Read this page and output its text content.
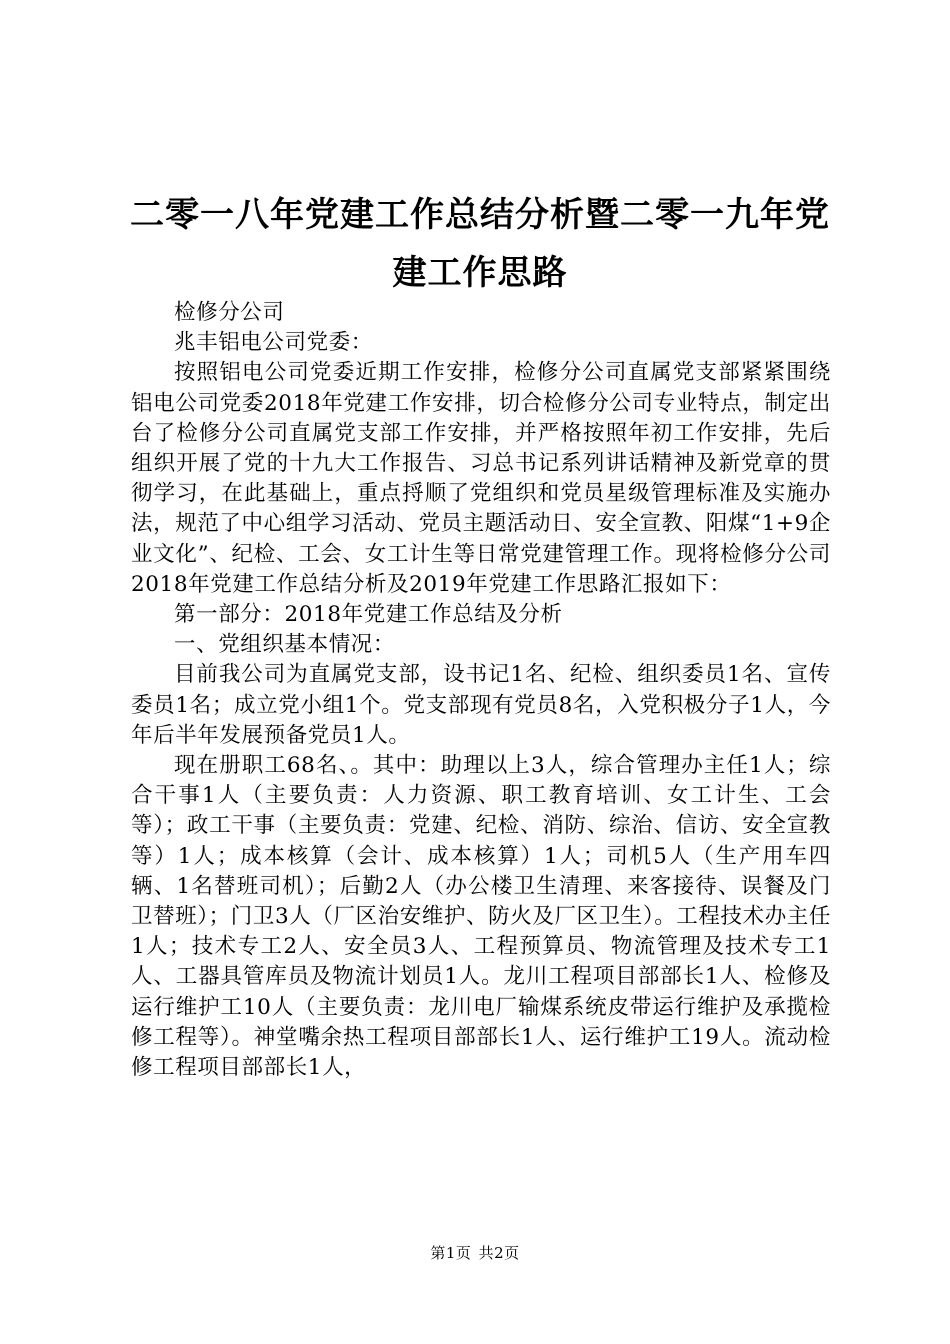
二零一八年党建工作总结分析暨二零一九年党建工作思路

检修分公司

兆丰铝电公司党委：

按照铝电公司党委近期工作安排，检修分公司直属党支部紧紧围绕铝电公司党委2018年党建工作安排，切合检修分公司专业特点，制定出台了检修分公司直属党支部工作安排，并严格按照年初工作安排，先后组织开展了党的十九大工作报告、习总书记系列讲话精神及新党章的贯彻学习，在此基础上，重点捋顺了党组织和党员星级管理标准及实施办法，规范了中心组学习活动、党员主题活动日、安全宣教、阳煤“1+9企业文化”、纪检、工会、女工计生等日常党建管理工作。现将检修分公司2018年党建工作总结分析及2019年党建工作思路汇报如下：

第一部分：2018年党建工作总结及分析

一、党组织基本情况：

目前我公司为直属党支部，设书记1名、纪检、组织委员1名、宣传委员1名；成立党小组1个。党支部现有党员8名，入党积极分子1人，今年后半年发展预备党员1人。

现在册职工68名、。其中：助理以上3人，综合管理办主任1人；综合干事1人（主要负责：人力资源、职工教育培训、女工计生、工会等）；政工干事（主要负责：党建、纪检、消防、综治、信访、安全宣教等）1人；成本核算（会计、成本核算）1人；司机5人（生产用车四辆、1名替班司机）；后勤2人（办公楼卫生清理、来客接待、误餐及门卫替班）；门卫3人（厂区治安维护、防火及厂区卫生）。工程技术办主任1人；技术专工2人、安全员3人、工程预算员、物流管理及技术专工1人、工器具管库员及物流计划员1人。龙川工程项目部部长1人、检修及运行维护工10人（主要负责：龙川电厂输煤系统皮带运行维护及承揽检修工程等）。神堂嘴余热工程项目部部长1人、运行维护工19人。流动检修工程项目部部长1人，

第1页 共2页
